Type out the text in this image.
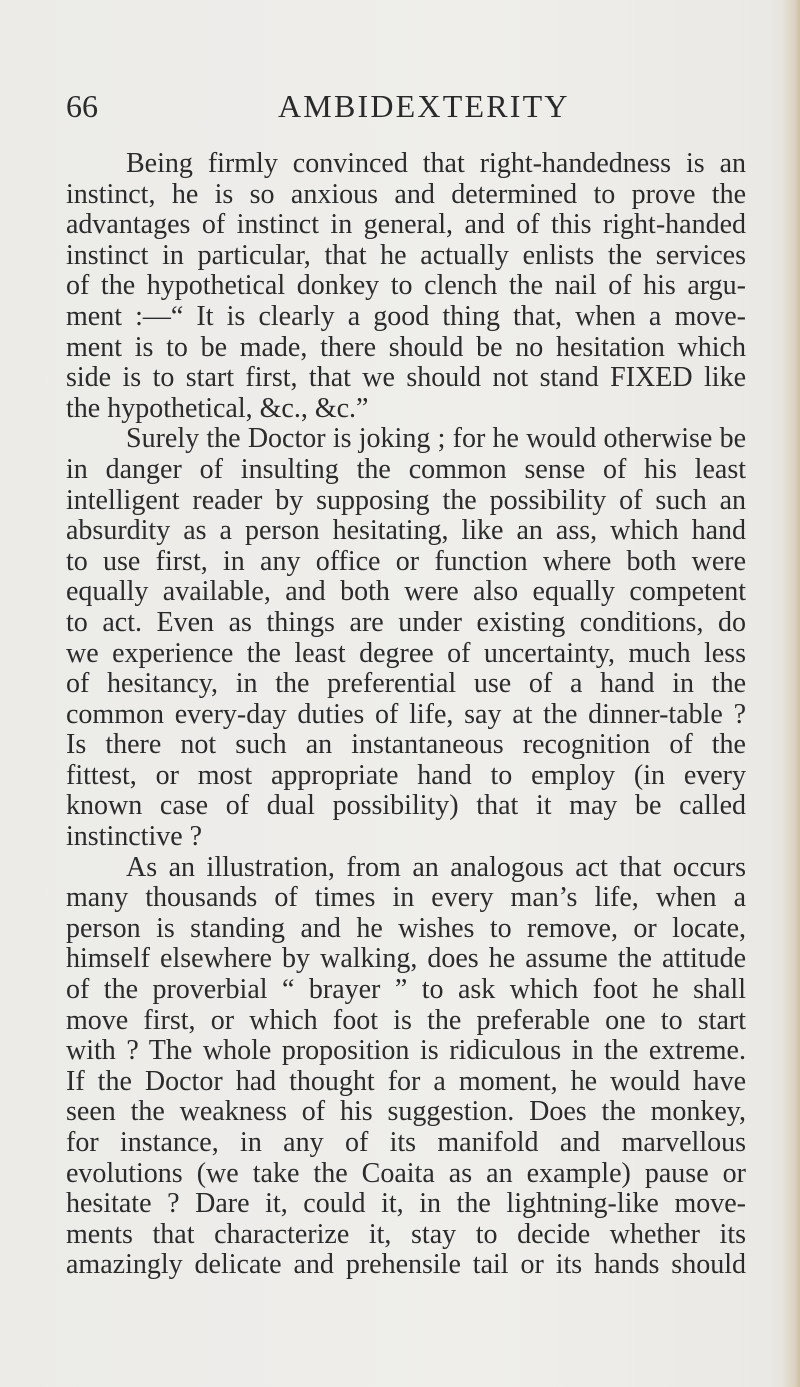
66	AMBIDEXTERITY
Being firmly convinced that right-handedness is an
instinct, he is so anxious and determined to prove the
advantages of instinct in general, and of this right-handed
instinct in particular, that he actually enlists the services
of the hypothetical donkey to clench the nail of his argu-
ment :—“ It is clearly a good thing that, when a move-
ment is to be made, there should be no hesitation which
side is to start first, that we should not stand FIXED like
the hypothetical, &c., &c.”
Surely the Doctor is joking ; for he would otherwise be
in danger of insulting the common sense of his least
intelligent reader by supposing the possibility of such an
absurdity as a person hesitating, like an ass, which hand
to use first, in any office or function where both were
equally available, and both were also equally competent
to act. Even as things are under existing conditions, do
we experience the least degree of uncertainty, much less
of hesitancy, in the preferential use of a hand in the
common every-day duties of life, say at the dinner-table ?
Is there not such an instantaneous recognition of the
fittest, or most appropriate hand to employ (in every
known case of dual possibility) that it may be called
instinctive ?
As an illustration, from an analogous act that occurs
many thousands of times in every man’s life, when a
person is standing and he wishes to remove, or locate,
himself elsewhere by walking, does he assume the attitude
of the proverbial “ brayer ” to ask which foot he shall
move first, or which foot is the preferable one to start
with ? The whole proposition is ridiculous in the extreme.
If the Doctor had thought for a moment, he would have
seen the weakness of his suggestion. Does the monkey,
for instance, in any of its manifold and marvellous
evolutions (we take the Coaita as an example) pause or
hesitate ? Dare it, could it, in the lightning-like move-
ments that characterize it, stay to decide whether its
amazingly delicate and prehensile tail or its hands should
